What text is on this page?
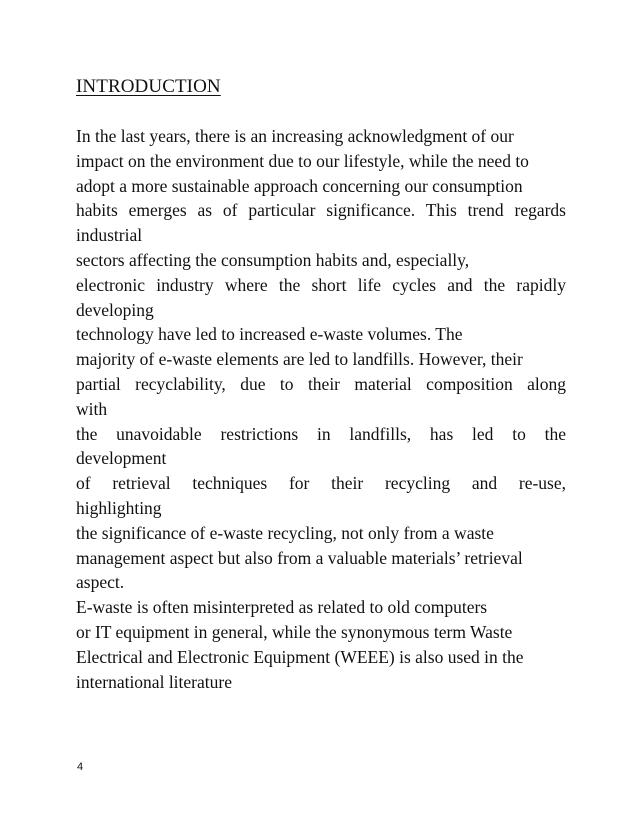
INTRODUCTION
In the last years, there is an increasing acknowledgment of our
impact on the environment due to our lifestyle, while the need to
adopt a more sustainable approach concerning our consumption
habits emerges as of particular significance. This trend regards
industrial
sectors affecting the consumption habits and, especially,
electronic industry where the short life cycles and the rapidly
developing
technology have led to increased e-waste volumes. The
majority of e-waste elements are led to landfills. However, their
partial recyclability, due to their material composition along
with
the unavoidable restrictions in landfills, has led to the
development
of retrieval techniques for their recycling and re-use,
highlighting
the significance of e-waste recycling, not only from a waste
management aspect but also from a valuable materials’ retrieval
aspect.
E-waste is often misinterpreted as related to old computers
or IT equipment in general, while the synonymous term Waste
Electrical and Electronic Equipment (WEEE) is also used in the
international literature
4
